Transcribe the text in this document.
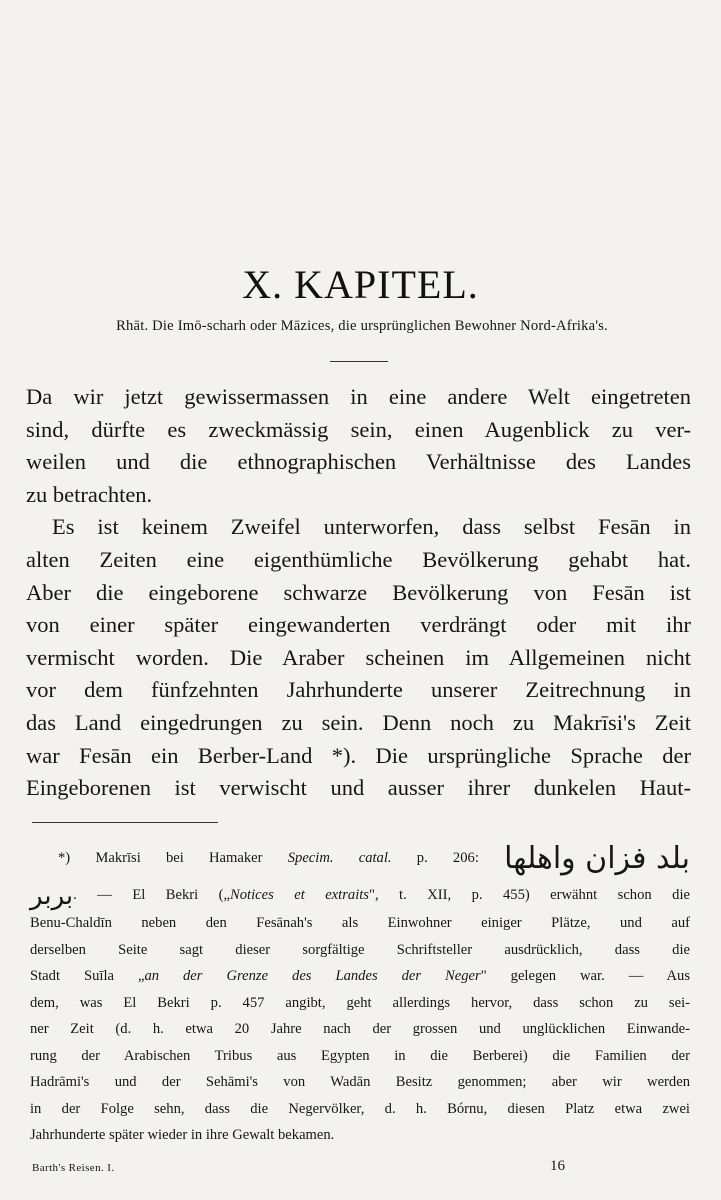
X. KAPITEL.
Rhāt. Die Imō-scharh oder Māzices, die ursprünglichen Bewohner Nord-Afrika's.
Da wir jetzt gewissermassen in eine andere Welt eingetreten
sind, dürfte es zweckmässig sein, einen Augenblick zu ver-
weilen und die ethnographischen Verhältnisse des Landes
zu betrachten.
Es ist keinem Zweifel unterworfen, dass selbst Fesān in
alten Zeiten eine eigenthümliche Bevölkerung gehabt hat.
Aber die eingeborene schwarze Bevölkerung von Fesān ist
von einer später eingewanderten verdrängt oder mit ihr
vermischt worden. Die Araber scheinen im Allgemeinen nicht
vor dem fünfzehnten Jahrhunderte unserer Zeitrechnung in
das Land eingedrungen zu sein. Denn noch zu Makrīsi's Zeit
war Fesān ein Berber-Land *). Die ursprüngliche Sprache der
Eingeborenen ist verwischt und ausser ihrer dunkelen Haut-
*) Makrīsi bei Hamaker Specim. catal. p. 206: بلد فزان واهلها
بربر. — El Bekri („Notices et extraits", t. XII, p. 455) erwähnt schon die
Benu-Chaldīn neben den Fesānah's als Einwohner einiger Plätze, und auf
derselben Seite sagt dieser sorgfältige Schriftsteller ausdrücklich, dass die
Stadt Suīla „an der Grenze des Landes der Neger" gelegen war. — Aus
dem, was El Bekri p. 457 angibt, geht allerdings hervor, dass schon zu sei-
ner Zeit (d. h. etwa 20 Jahre nach der grossen und unglücklichen Einwande-
rung der Arabischen Tribus aus Egypten in die Berberei) die Familien der
Hadrāmi's und der Sehāmi's von Wadān Besitz genommen; aber wir werden
in der Folge sehn, dass die Negervölker, d. h. Bórnu, diesen Platz etwa zwei
Jahrhunderte später wieder in ihre Gewalt bekamen.
Barth's Reisen. I.	16
